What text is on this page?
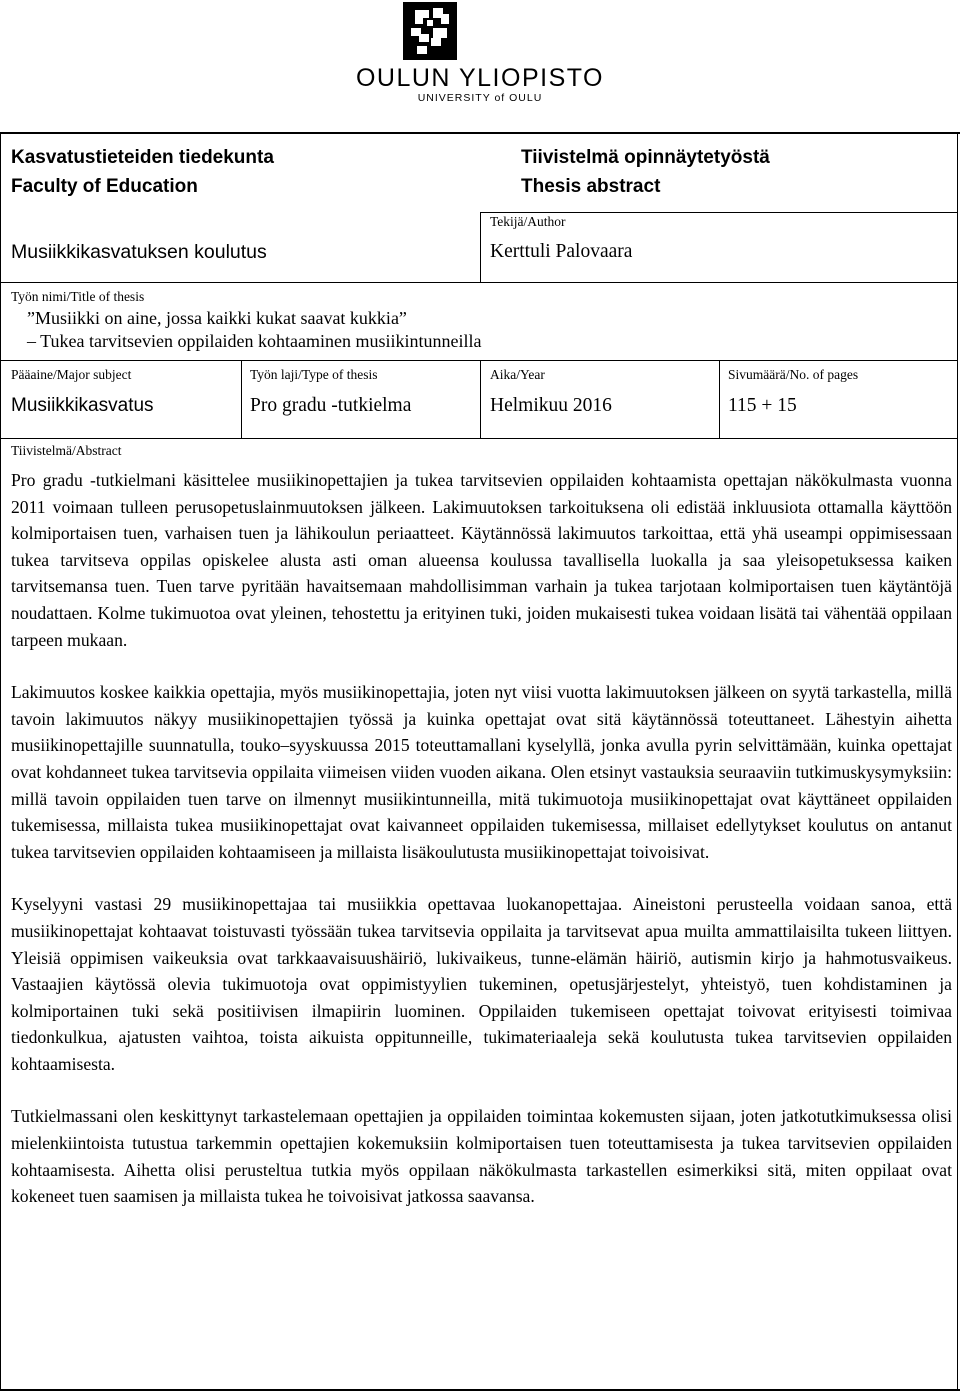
OULUN YLIOPISTO
UNIVERSITY of OULU
Kasvatustieteiden tiedekunta
Faculty of Education
Tiivistelmä opinnäytetyöstä
Thesis abstract
Musiikkikasvatuksen koulutus
Tekijä/Author
Kerttuli Palovaara
Työn nimi/Title of thesis
”Musiikki on aine, jossa kaikki kukat saavat kukkia”
– Tukea tarvitsevien oppilaiden kohtaaminen musiikintunneilla
Pääaine/Major subject
Musiikkikasvatus
Työn laji/Type of thesis
Pro gradu -tutkielma
Aika/Year
Helmikuu 2016
Sivumäärä/No. of pages
115 + 15
Tiivistelmä/Abstract

Pro gradu -tutkielmani käsittelee musiikinopettajien ja tukea tarvitsevien oppilaiden kohtaamista opettajan näkökulmasta vuonna 2011 voimaan tulleen perusopetuslainmuutoksen jälkeen. Lakimuutoksen tarkoituksena oli edistää inkluusiota ottamalla käyttöön kolmiportaisen tuen, varhaisen tuen ja lähikoulun periaatteet. Käytännössä lakimuutos tarkoittaa, että yhä useampi oppimisessaan tukea tarvitseva oppilas opiskelee alusta asti oman alueensa koulussa tavallisella luokalla ja saa yleisopetuksessa kaiken tarvitsemansa tuen. Tuen tarve pyritään havaitsemaan mahdollisimman varhain ja tukea tarjotaan kolmiportaisen tuen käytäntöjä noudattaen. Kolme tukimuotoa ovat yleinen, tehostettu ja erityinen tuki, joiden mukaisesti tukea voidaan lisätä tai vähentää oppilaan tarpeen mukaan.

Lakimuutos koskee kaikkia opettajia, myös musiikinopettajia, joten nyt viisi vuotta lakimuutoksen jälkeen on syytä tarkastella, millä tavoin lakimuutos näkyy musiikinopettajien työssä ja kuinka opettajat ovat sitä käytännössä toteuttaneet. Lähestyin aihetta musiikinopettajille suunnatulla, touko–syyskuussa 2015 toteuttamallani kyselyllä, jonka avulla pyrin selvittämään, kuinka opettajat ovat kohdanneet tukea tarvitsevia oppilaita viimeisen viiden vuoden aikana. Olen etsinyt vastauksia seuraaviin tutkimuskysymyksiin: millä tavoin oppilaiden tuen tarve on ilmennyt musiikintunneilla, mitä tukimuotoja musiikinopettajat ovat käyttäneet oppilaiden tukemisessa, millaista tukea musiikinopettajat ovat kaivanneet oppilaiden tukemisessa, millaiset edellytykset koulutus on antanut tukea tarvitsevien oppilaiden kohtaamiseen ja millaista lisäkoulutusta musiikinopettajat toivoisivat.

Kyselyyni vastasi 29 musiikinopettajaa tai musiikkia opettavaa luokanopettajaa. Aineistoni perusteella voidaan sanoa, että musiikinopettajat kohtaavat toistuvasti työssään tukea tarvitsevia oppilaita ja tarvitsevat apua muilta ammattilaisilta tukeen liittyen. Yleisiä oppimisen vaikeuksia ovat tarkkaavaisuushäiriö, lukivaikeus, tunne-elämän häiriö, autismin kirjo ja hahmotusvaikeus. Vastaajien käytössä olevia tukimuotoja ovat oppimistyylien tukeminen, opetusjärjestelyt, yhteistyö, tuen kohdistaminen ja kolmiportainen tuki sekä positiivisen ilmapiirin luominen. Oppilaiden tukemiseen opettajat toivovat erityisesti toimivaa tiedonkulkua, ajatusten vaihtoa, toista aikuista oppitunneille, tukimateriaaleja sekä koulutusta tukea tarvitsevien oppilaiden kohtaamisesta.

Tutkielmassani olen keskittynyt tarkastelemaan opettajien ja oppilaiden toimintaa kokemusten sijaan, joten jatkotutkimuksessa olisi mielenkiintoista tutustua tarkemmin opettajien kokemuksiin kolmiportaisen tuen toteuttamisesta ja tukea tarvitsevien oppilaiden kohtaamisesta. Aihetta olisi perusteltua tutkia myös oppilaan näkökulmasta tarkastellen esimerkiksi sitä, miten oppilaat ovat kokeneet tuen saamisen ja millaista tukea he toivoisivat jatkossa saavansa.
